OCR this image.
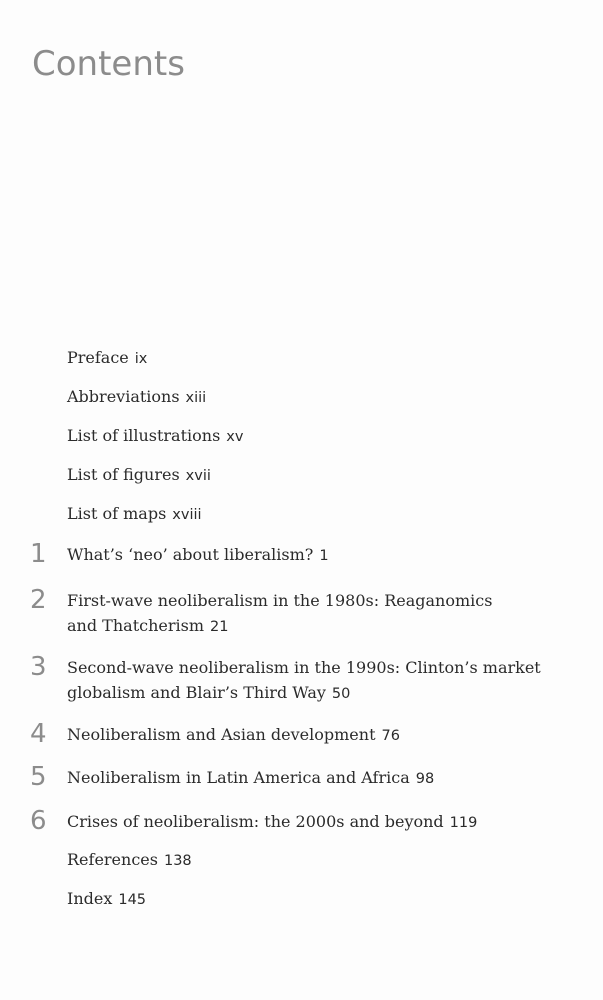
Contents
Preface ix
Abbreviations xiii
List of illustrations xv
List of figures xvii
List of maps xviii
1 What’s ‘neo’ about liberalism? 1
2 First-wave neoliberalism in the 1980s: Reaganomics
and Thatcherism 21
3 Second-wave neoliberalism in the 1990s: Clinton’s market
globalism and Blair’s Third Way 50
4 Neoliberalism and Asian development 76
5 Neoliberalism in Latin America and Africa 98
6 Crises of neoliberalism: the 2000s and beyond 119
References 138
Index 145
